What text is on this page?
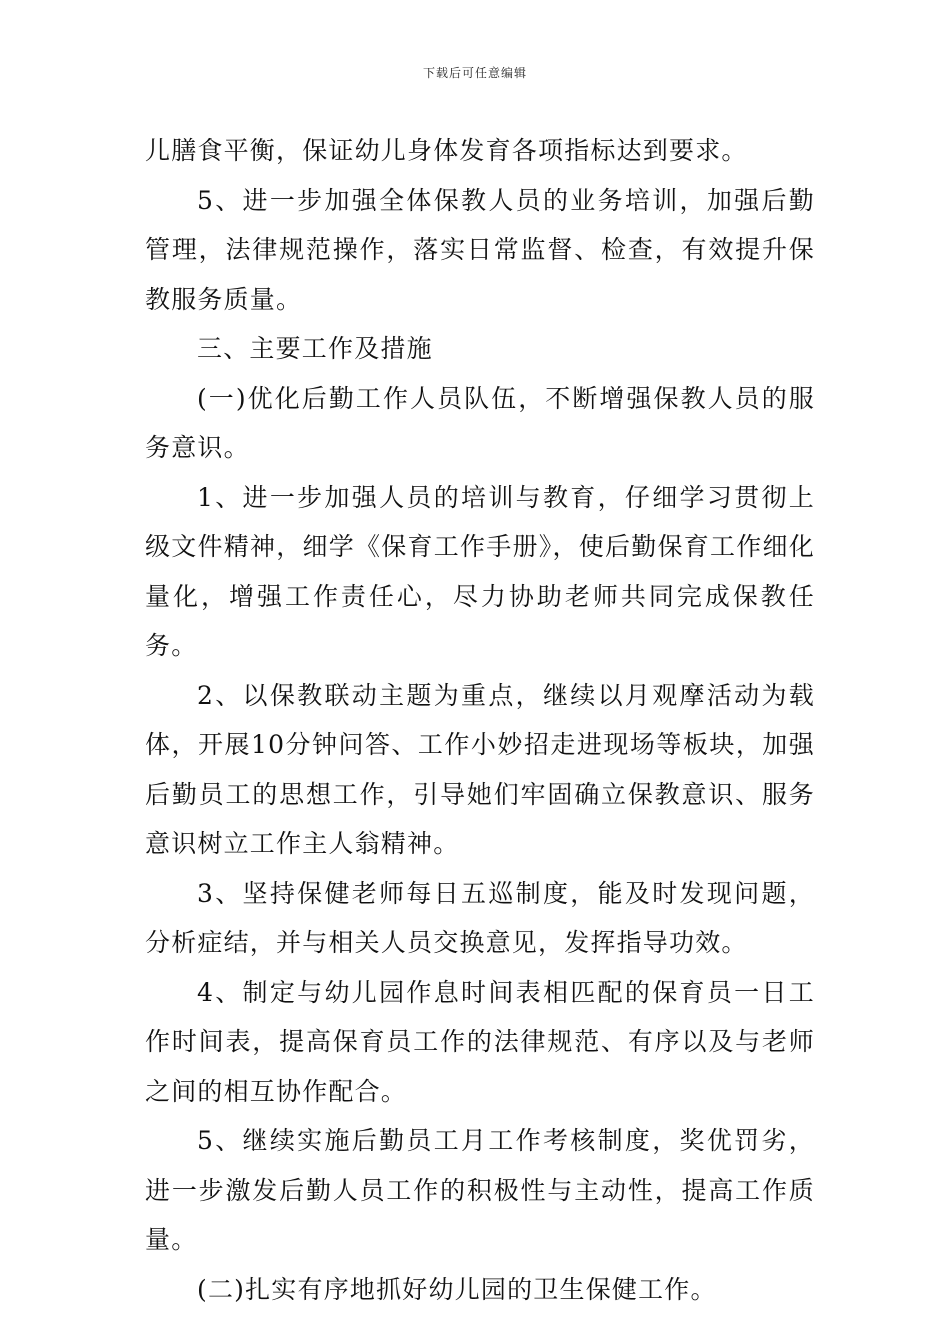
下载后可任意编辑

儿膳食平衡，保证幼儿身体发育各项指标达到要求。

5、进一步加强全体保教人员的业务培训，加强后勤管理，法律规范操作，落实日常监督、检查，有效提升保教服务质量。

三、主要工作及措施

(一)优化后勤工作人员队伍，不断增强保教人员的服务意识。

1、进一步加强人员的培训与教育，仔细学习贯彻上级文件精神，细学《保育工作手册》，使后勤保育工作细化量化，增强工作责任心，尽力协助老师共同完成保教任务。

2、以保教联动主题为重点，继续以月观摩活动为载体，开展10分钟问答、工作小妙招走进现场等板块，加强后勤员工的思想工作，引导她们牢固确立保教意识、服务意识树立工作主人翁精神。

3、坚持保健老师每日五巡制度，能及时发现问题，分析症结，并与相关人员交换意见，发挥指导功效。

4、制定与幼儿园作息时间表相匹配的保育员一日工作时间表，提高保育员工作的法律规范、有序以及与老师之间的相互协作配合。

5、继续实施后勤员工月工作考核制度，奖优罚劣，进一步激发后勤人员工作的积极性与主动性，提高工作质量。

(二)扎实有序地抓好幼儿园的卫生保健工作。
